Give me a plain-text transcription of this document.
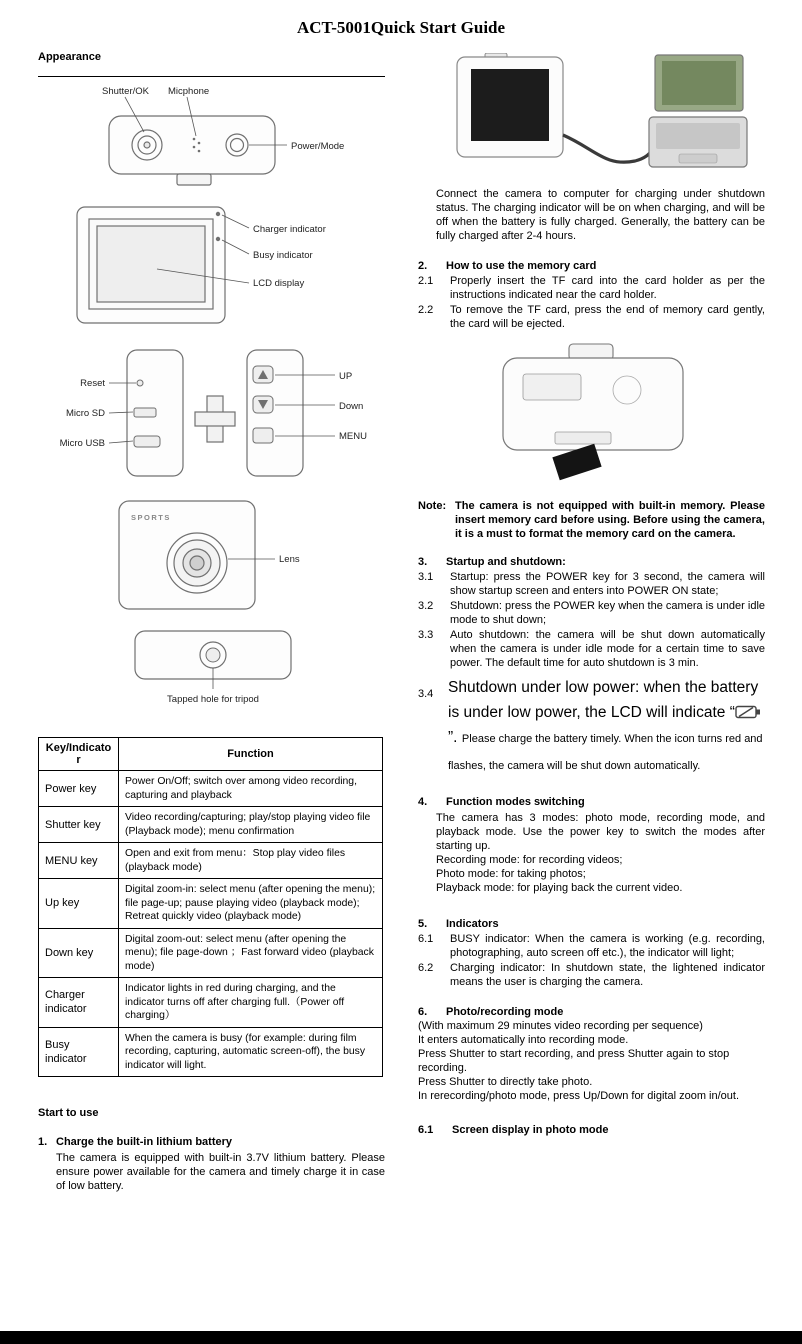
ACT-5001Quick Start Guide
Appearance
Shutter/OK Micphone
Power/Mode
Charger indicator
Busy indicator
LCD display
Reset
Micro SD
Micro USB
UP
Down
MENU
SPORTS
Lens
Tapped hole for tripod
Key/Indicator	Function
Power key	Power On/Off; switch over among video recording, capturing and playback
Shutter key	Video recording/capturing; play/stop playing video file (Playback mode); menu confirmation
MENU key	Open and exit from menu：Stop play video files (playback mode)
Up key	Digital zoom-in: select menu (after opening the menu); file page-up; pause playing video (playback mode); Retreat quickly video (playback mode)
Down key	Digital zoom-out: select menu (after opening the menu); file page-down ；Fast forward video (playback mode)
Charger indicator	Indicator lights in red during charging, and the indicator turns off after charging full.（Power off charging）
Busy indicator	When the camera is busy (for example: during film recording, capturing, automatic screen-off), the busy indicator will light.
Start to use
1. Charge the built-in lithium battery

The camera is equipped with built-in 3.7V lithium battery. Please ensure power available for the camera and timely charge it in case of low battery.

Connect the camera to computer for charging under shutdown status. The charging indicator will be on when charging, and will be off when the battery is fully charged. Generally, the battery can be fully charged after 2-4 hours.

2. How to use the memory card
2.1 Properly insert the TF card into the card holder as per the instructions indicated near the card holder.
2.2 To remove the TF card, press the end of memory card gently, the card will be ejected.
Note: The camera is not equipped with built-in memory. Please insert memory card before using. Before using the camera, it is a must to format the memory card on the camera.
3. Startup and shutdown:
3.1 Startup: press the POWER key for 3 second, the camera will show startup screen and enters into POWER ON state;
3.2 Shutdown: press the POWER key when the camera is under idle mode to shut down;
3.3 Auto shutdown: the camera will be shut down automatically when the camera is under idle mode for a certain time to save power. The default time for auto shutdown is 3 min.
3.4 Shutdown under low power: when the battery is under low power, the LCD will indicate “”. Please charge the battery timely. When the icon turns red and flashes, the camera will be shut down automatically.
4. Function modes switching

The camera has 3 modes: photo mode, recording mode, and playback mode. Use the power key to switch the modes after starting up.

Recording mode: for recording videos;

Photo mode: for taking photos;

Playback mode: for playing back the current video.

5. Indicators
6.1 BUSY indicator: When the camera is working (e.g. recording, photographing, auto screen off etc.), the indicator will light;
6.2 Charging indicator: In shutdown state, the lightened indicator means the user is charging the camera.
6. Photo/recording mode

(With maximum 29 minutes video recording per sequence)

It enters automatically into recording mode.

Press Shutter to start recording, and press Shutter again to stop recording.

Press Shutter to directly take photo.

In rerecording/photo mode, press Up/Down for digital zoom in/out.

6.1 Screen display in photo mode
